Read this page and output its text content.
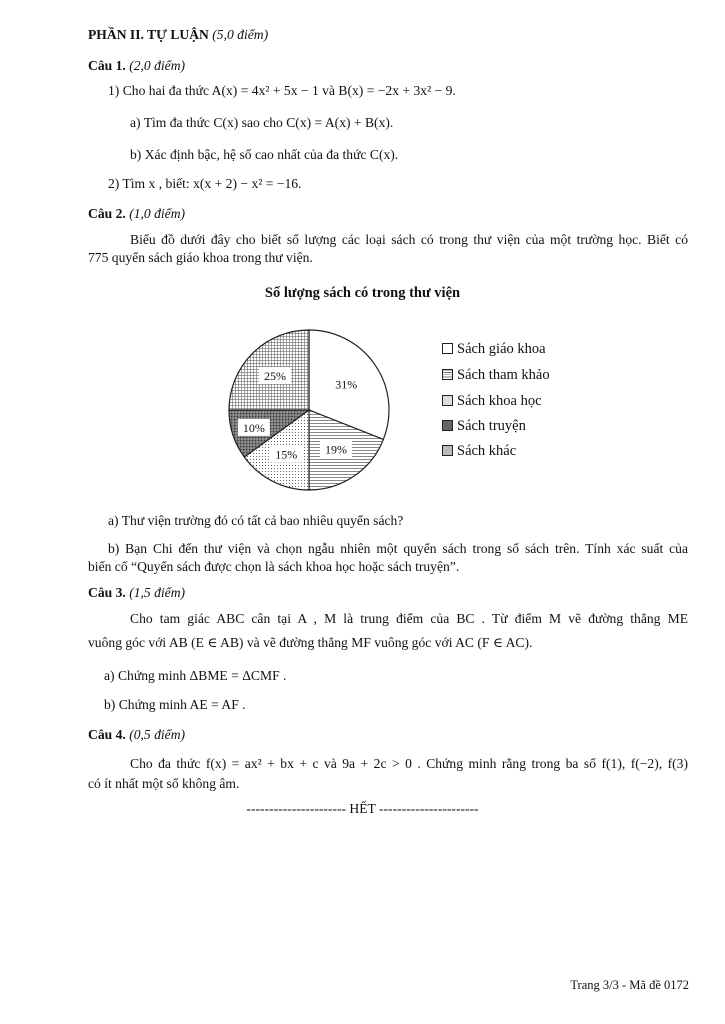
PHẦN II. TỰ LUẬN (5,0 điểm)
Câu 1. (2,0 điểm)
1) Cho hai đa thức A(x) = 4x² + 5x − 1 và B(x) = −2x + 3x² − 9.
a) Tìm đa thức C(x) sao cho C(x) = A(x) + B(x).
b) Xác định bậc, hệ số cao nhất của đa thức C(x).
2) Tìm x , biết: x(x + 2) − x² = −16.
Câu 2. (1,0 điểm)
Biểu đồ dưới đây cho biết số lượng các loại sách có trong thư viện của một trường học. Biết có
775 quyển sách giáo khoa trong thư viện.
Số lượng sách có trong thư viện
31%
19%
15%
10%
25%
Sách giáo khoa
Sách tham khảo
Sách khoa học
Sách truyện
Sách khác
a) Thư viện trường đó có tất cả bao nhiêu quyển sách?
b) Bạn Chi đến thư viện và chọn ngẫu nhiên một quyển sách trong số sách trên. Tính xác suất của
biến cố “Quyển sách được chọn là sách khoa học hoặc sách truyện”.
Câu 3. (1,5 điểm)
Cho tam giác ABC cân tại A , M là trung điểm của BC . Từ điểm M vẽ đường thẳng ME
vuông góc với AB (E ∈ AB) và vẽ đường thẳng MF vuông góc với AC (F ∈ AC).
a) Chứng minh ΔBME = ΔCMF .
b) Chứng minh AE = AF .
Câu 4. (0,5 điểm)
Cho đa thức f(x) = ax² + bx + c và 9a + 2c > 0 . Chứng minh rằng trong ba số f(1), f(−2), f(3)
có ít nhất một số không âm.
---------------------- HẾT ----------------------
Trang 3/3 - Mã đề 0172
